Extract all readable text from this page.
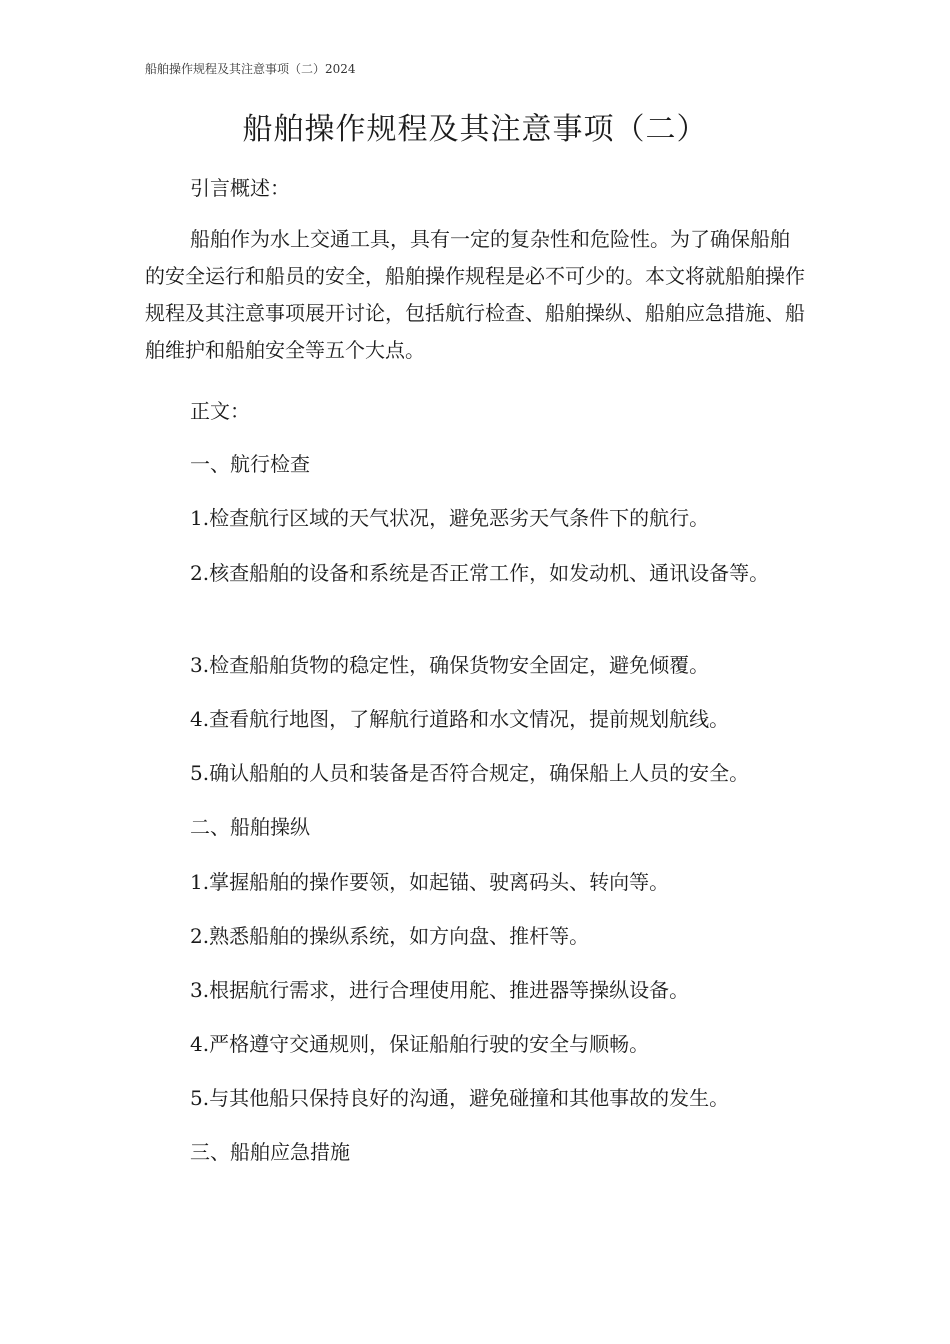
船舶操作规程及其注意事项（二）2024
船舶操作规程及其注意事项（二）

引言概述：

船舶作为水上交通工具，具有一定的复杂性和危险性。为了确保船舶的安全运行和船员的安全，船舶操作规程是必不可少的。本文将就船舶操作规程及其注意事项展开讨论，包括航行检查、船舶操纵、船舶应急措施、船舶维护和船舶安全等五个大点。

正文：

一、航行检查

1.检查航行区域的天气状况，避免恶劣天气条件下的航行。

2.核查船舶的设备和系统是否正常工作，如发动机、通讯设备等。

3.检查船舶货物的稳定性，确保货物安全固定，避免倾覆。

4.查看航行地图，了解航行道路和水文情况，提前规划航线。

5.确认船舶的人员和装备是否符合规定，确保船上人员的安全。

二、船舶操纵

1.掌握船舶的操作要领，如起锚、驶离码头、转向等。

2.熟悉船舶的操纵系统，如方向盘、推杆等。

3.根据航行需求，进行合理使用舵、推进器等操纵设备。

4.严格遵守交通规则，保证船舶行驶的安全与顺畅。

5.与其他船只保持良好的沟通，避免碰撞和其他事故的发生。

三、船舶应急措施
